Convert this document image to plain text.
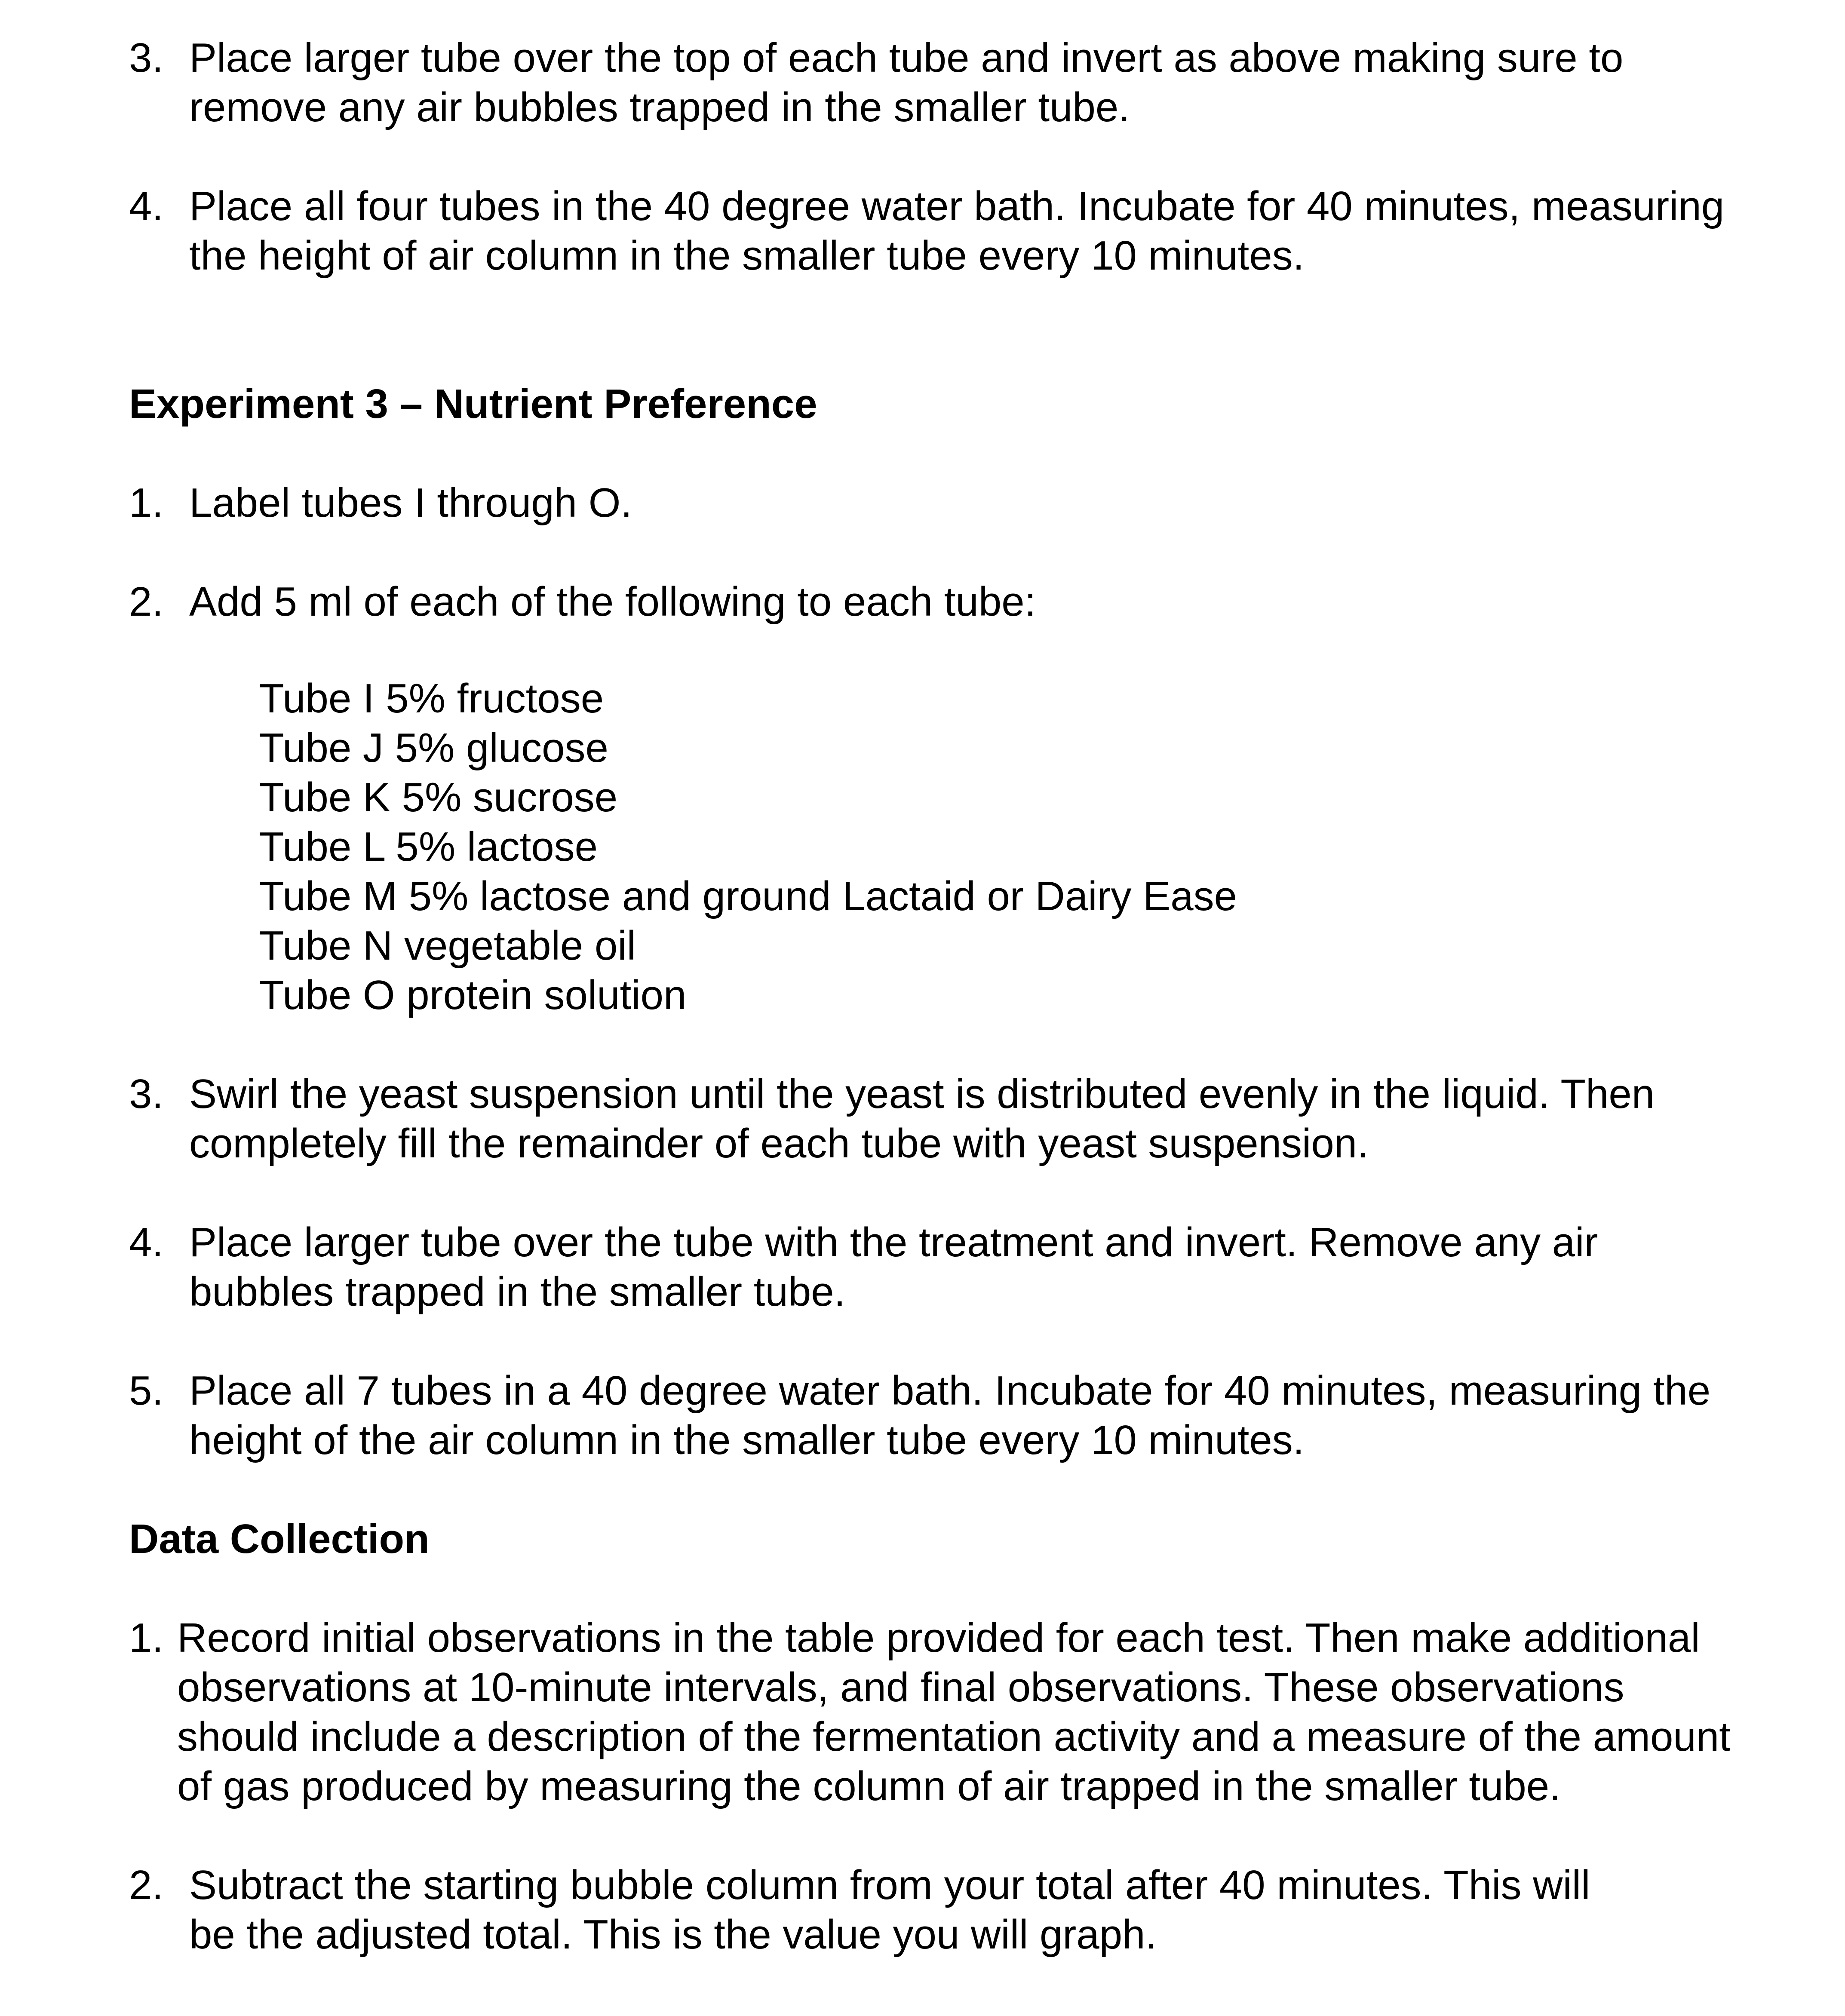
3. Place larger tube over the top of each tube and invert as above making sure to
remove any air bubbles trapped in the smaller tube.
4. Place all four tubes in the 40 degree water bath. Incubate for 40 minutes, measuring
the height of air column in the smaller tube every 10 minutes.
Experiment 3 – Nutrient Preference
1. Label tubes I through O.
2. Add 5 ml of each of the following to each tube:
Tube I 5% fructose
Tube J 5% glucose
Tube K 5% sucrose
Tube L 5% lactose
Tube M 5% lactose and ground Lactaid or Dairy Ease
Tube N vegetable oil
Tube O protein solution
3. Swirl the yeast suspension until the yeast is distributed evenly in the liquid. Then
completely fill the remainder of each tube with yeast suspension.
4. Place larger tube over the tube with the treatment and invert. Remove any air
bubbles trapped in the smaller tube.
5. Place all 7 tubes in a 40 degree water bath. Incubate for 40 minutes, measuring the
height of the air column in the smaller tube every 10 minutes.
Data Collection
1. Record initial observations in the table provided for each test. Then make additional
observations at 10-minute intervals, and final observations. These observations
should include a description of the fermentation activity and a measure of the amount
of gas produced by measuring the column of air trapped in the smaller tube.
2. Subtract the starting bubble column from your total after 40 minutes. This will
be the adjusted total. This is the value you will graph.
